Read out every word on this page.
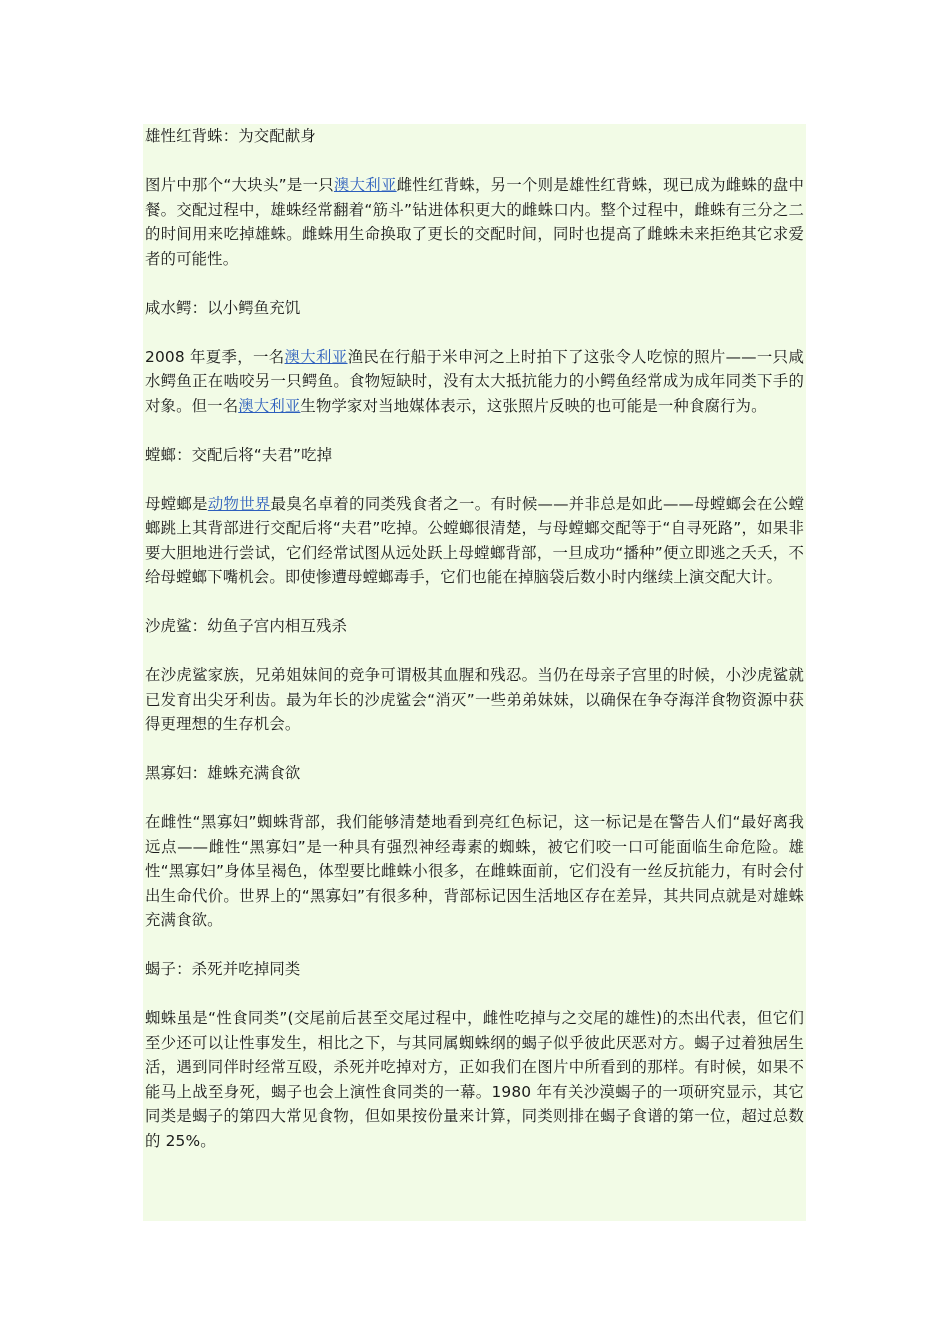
雄性红背蛛：为交配献身

图片中那个“大块头”是一只澳大利亚雌性红背蛛，另一个则是雄性红背蛛，现已成为雌蛛的盘中餐。交配过程中，雄蛛经常翻着“筋斗”钻进体积更大的雌蛛口内。整个过程中，雌蛛有三分之二的时间用来吃掉雄蛛。雌蛛用生命换取了更长的交配时间，同时也提高了雌蛛未来拒绝其它求爱者的可能性。

咸水鳄：以小鳄鱼充饥

2008 年夏季，一名澳大利亚渔民在行船于米申河之上时拍下了这张令人吃惊的照片——一只咸水鳄鱼正在啮咬另一只鳄鱼。食物短缺时，没有太大抵抗能力的小鳄鱼经常成为成年同类下手的对象。但一名澳大利亚生物学家对当地媒体表示，这张照片反映的也可能是一种食腐行为。

螳螂：交配后将“夫君”吃掉

母螳螂是动物世界最臭名卓着的同类残食者之一。有时候——并非总是如此——母螳螂会在公螳螂跳上其背部进行交配后将“夫君”吃掉。公螳螂很清楚，与母螳螂交配等于“自寻死路”，如果非要大胆地进行尝试，它们经常试图从远处跃上母螳螂背部，一旦成功“播种”便立即逃之夭夭，不给母螳螂下嘴机会。即使惨遭母螳螂毒手，它们也能在掉脑袋后数小时内继续上演交配大计。

沙虎鲨：幼鱼子宫内相互残杀

在沙虎鲨家族，兄弟姐妹间的竞争可谓极其血腥和残忍。当仍在母亲子宫里的时候，小沙虎鲨就已发育出尖牙利齿。最为年长的沙虎鲨会“消灭”一些弟弟妹妹，以确保在争夺海洋食物资源中获得更理想的生存机会。

黑寡妇：雄蛛充满食欲

在雌性“黑寡妇”蜘蛛背部，我们能够清楚地看到亮红色标记，这一标记是在警告人们“最好离我远点——雌性“黑寡妇”是一种具有强烈神经毒素的蜘蛛，被它们咬一口可能面临生命危险。雄性“黑寡妇”身体呈褐色，体型要比雌蛛小很多，在雌蛛面前，它们没有一丝反抗能力，有时会付出生命代价。世界上的“黑寡妇”有很多种，背部标记因生活地区存在差异，其共同点就是对雄蛛充满食欲。

蝎子：杀死并吃掉同类

蜘蛛虽是“性食同类”(交尾前后甚至交尾过程中，雌性吃掉与之交尾的雄性)的杰出代表，但它们至少还可以让性事发生，相比之下，与其同属蜘蛛纲的蝎子似乎彼此厌恶对方。蝎子过着独居生活，遇到同伴时经常互殴，杀死并吃掉对方，正如我们在图片中所看到的那样。有时候，如果不能马上战至身死，蝎子也会上演性食同类的一幕。1980 年有关沙漠蝎子的一项研究显示，其它同类是蝎子的第四大常见食物，但如果按份量来计算，同类则排在蝎子食谱的第一位，超过总数的 25%。
